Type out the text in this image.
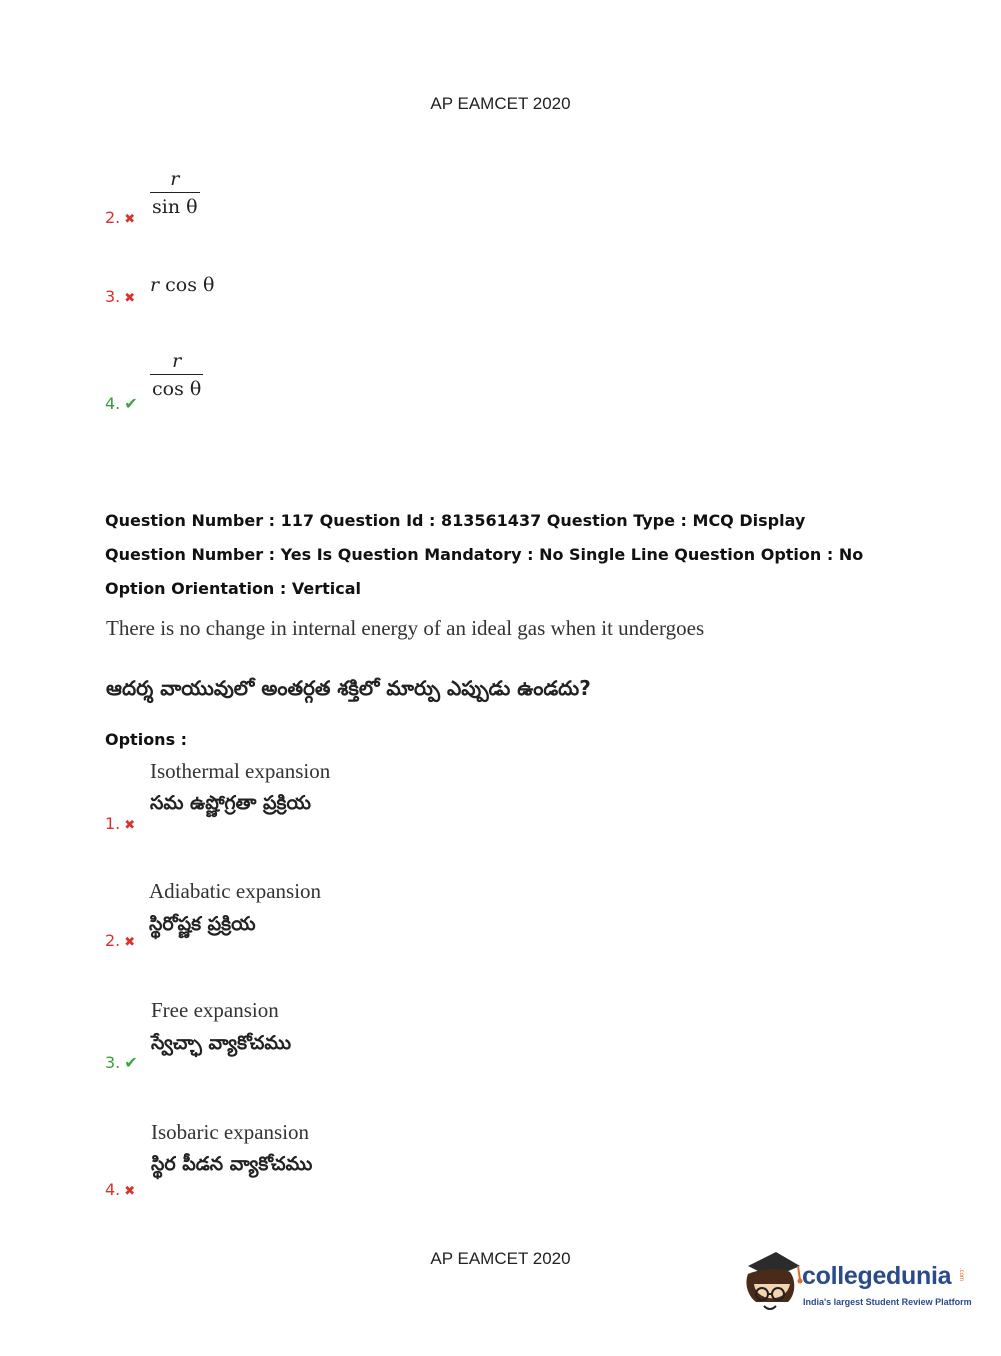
AP EAMCET 2020
2. ✖
$\frac{r}{\text{sin θ}}$
3. ✖
r cos θ
4. ✔
$\frac{r}{\text{cos θ}}$
Question Number : 117 Question Id : 813561437 Question Type : MCQ Display Question Number : Yes Is Question Mandatory : No Single Line Question Option : No Option Orientation : Vertical
There is no change in internal energy of an ideal gas when it undergoes
ఆదర్శ వాయువులో అంతర్గత శక్తిలో మార్పు ఎప్పుడు ఉండదు?
Options :
Isothermal expansion
సమ ఉష్ణోగ్రతా ప్రక్రియ
1. ✖
Adiabatic expansion
స్థిరోష్ణక ప్రక్రియ
2. ✖
Free expansion
స్వేచ్ఛా వ్యాకోచము
3. ✔
Isobaric expansion
స్థిర పీడన వ్యాకోచము
4. ✖
AP EAMCET 2020
collegedunia .com
India's largest Student Review Platform
